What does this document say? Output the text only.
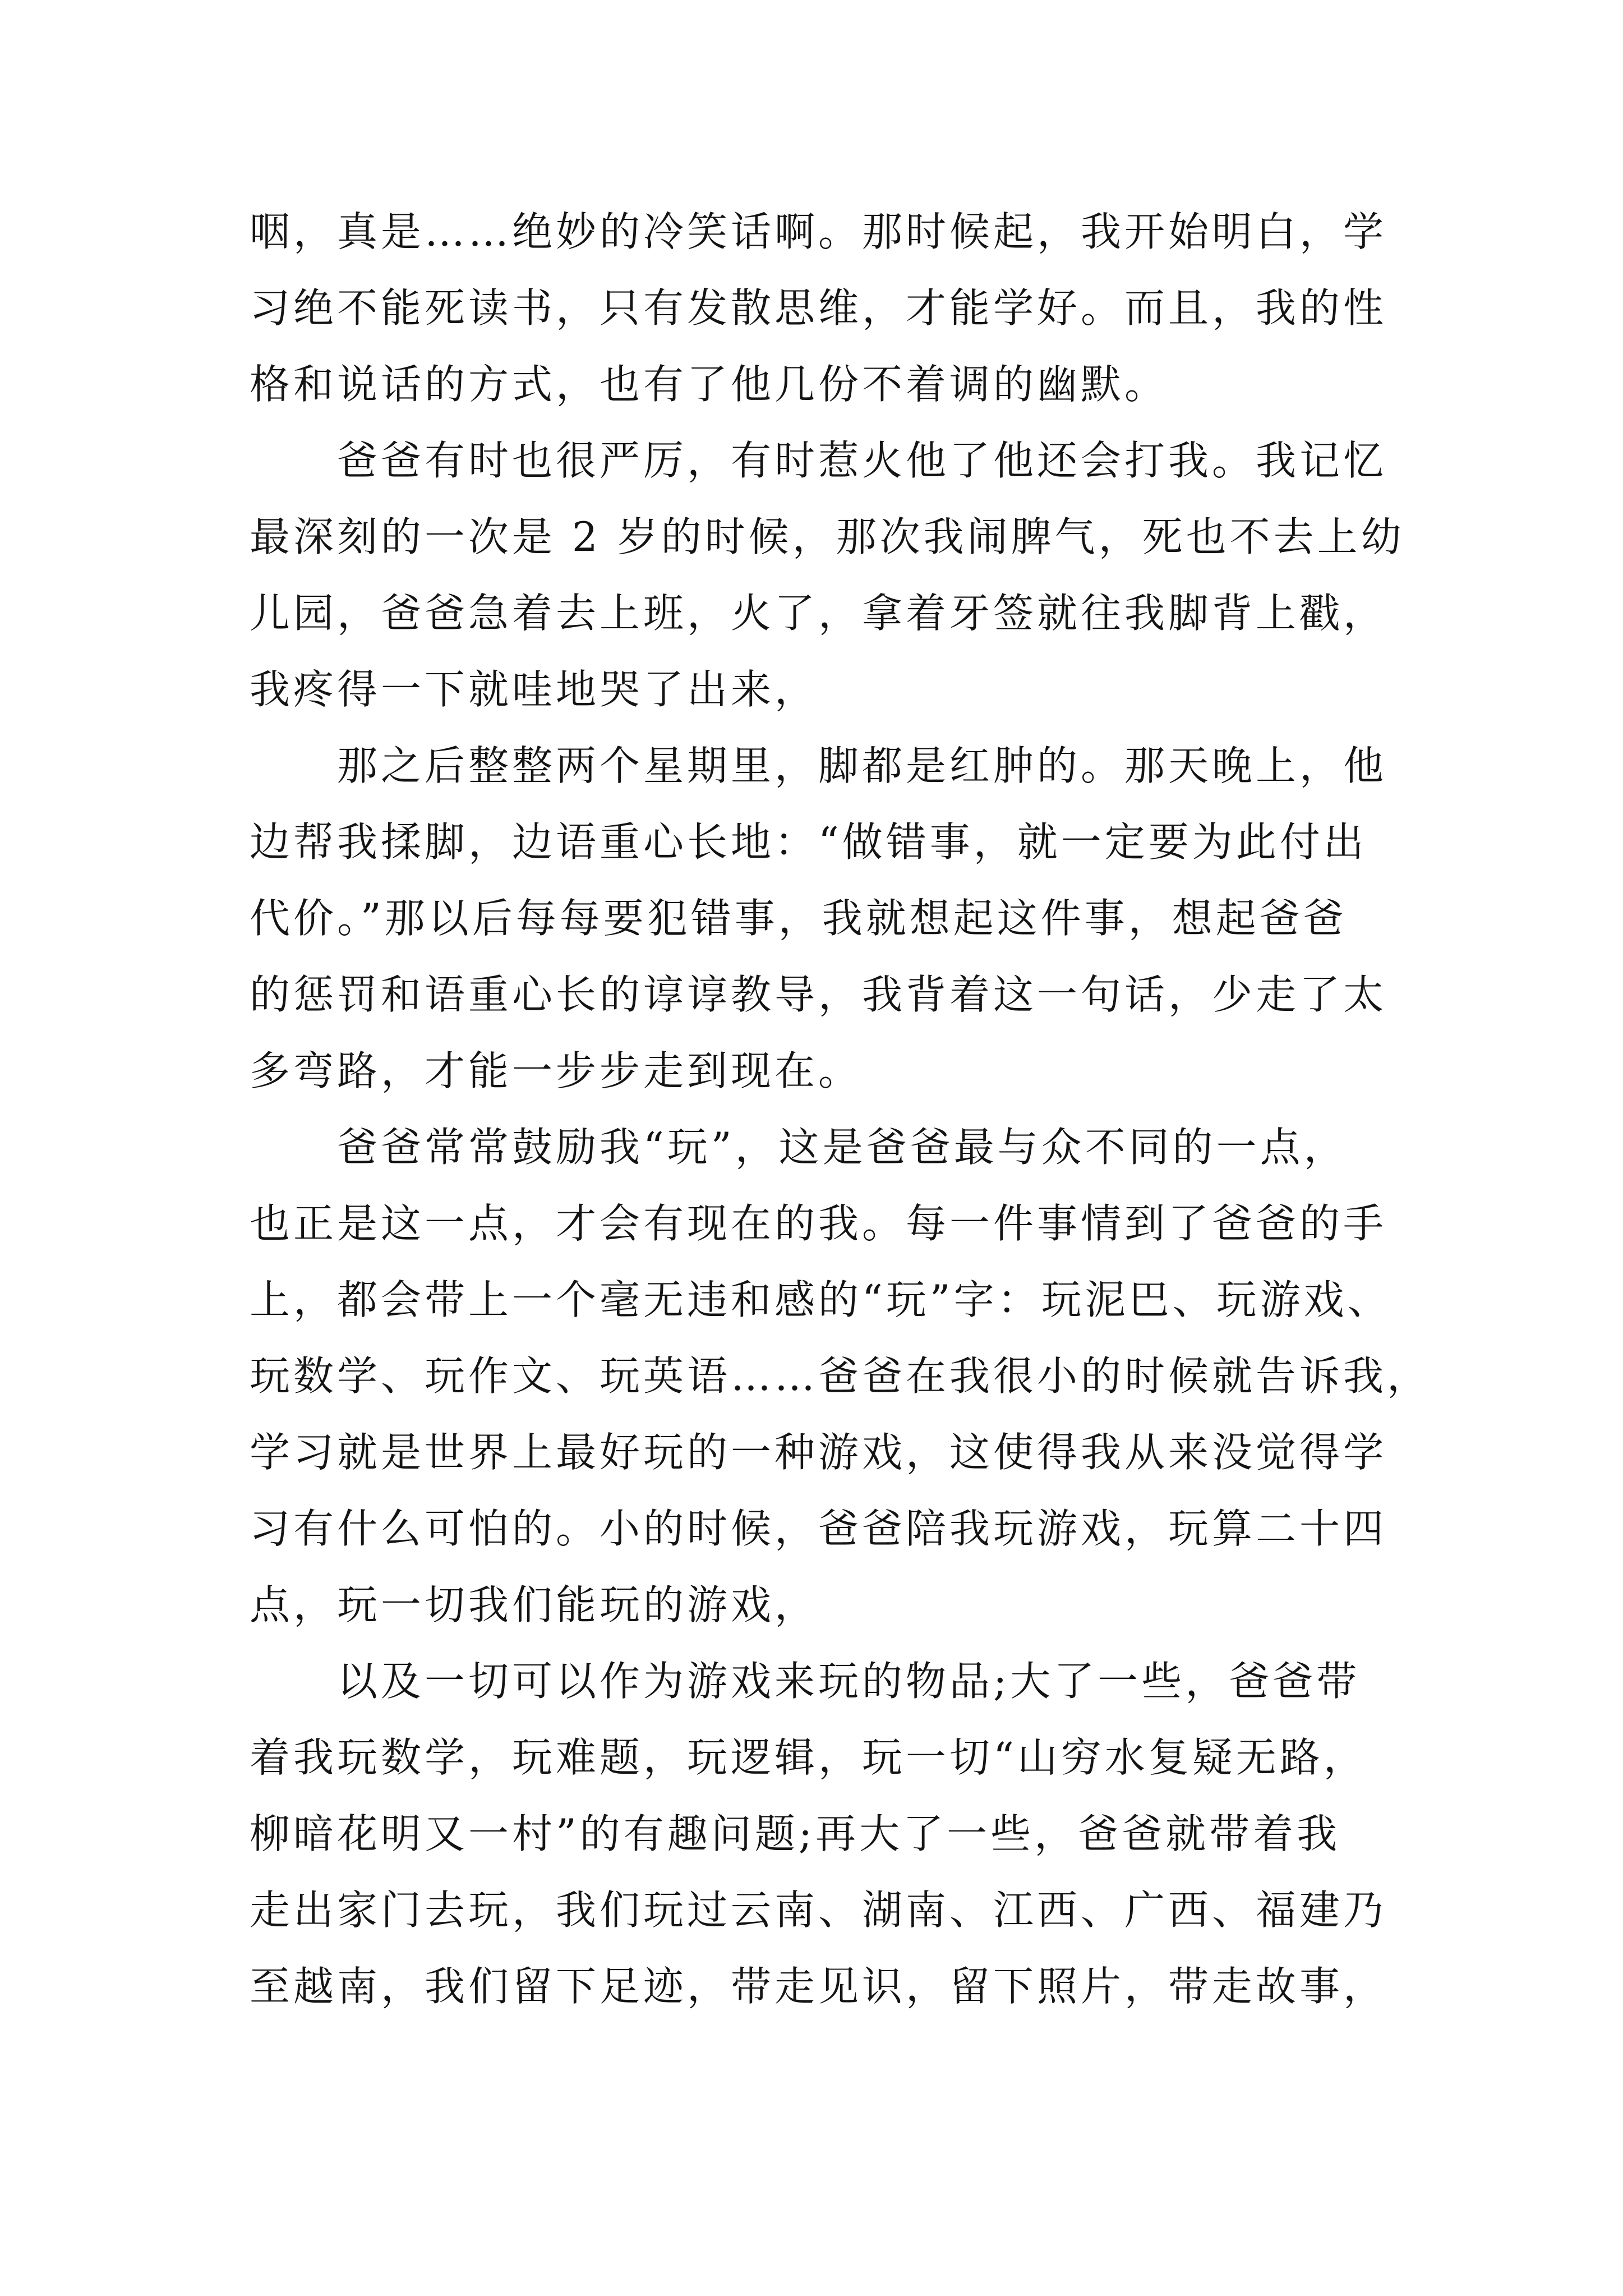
咽，真是……绝妙的冷笑话啊。那时候起，我开始明白，学
习绝不能死读书，只有发散思维，才能学好。而且，我的性
格和说话的方式，也有了他几份不着调的幽默。
爸爸有时也很严厉，有时惹火他了他还会打我。我记忆
最深刻的一次是 2 岁的时候，那次我闹脾气，死也不去上幼
儿园，爸爸急着去上班，火了，拿着牙签就往我脚背上戳，
我疼得一下就哇地哭了出来，
那之后整整两个星期里，脚都是红肿的。那天晚上，他
边帮我揉脚，边语重心长地：“做错事，就一定要为此付出
代价。”那以后每每要犯错事，我就想起这件事，想起爸爸
的惩罚和语重心长的谆谆教导，我背着这一句话，少走了太
多弯路，才能一步步走到现在。
爸爸常常鼓励我“玩”，这是爸爸最与众不同的一点，
也正是这一点，才会有现在的我。每一件事情到了爸爸的手
上，都会带上一个毫无违和感的“玩”字：玩泥巴、玩游戏、
玩数学、玩作文、玩英语……爸爸在我很小的时候就告诉我，
学习就是世界上最好玩的一种游戏，这使得我从来没觉得学
习有什么可怕的。小的时候，爸爸陪我玩游戏，玩算二十四
点，玩一切我们能玩的游戏，
以及一切可以作为游戏来玩的物品;大了一些，爸爸带
着我玩数学，玩难题，玩逻辑，玩一切“山穷水复疑无路，
柳暗花明又一村”的有趣问题;再大了一些，爸爸就带着我
走出家门去玩，我们玩过云南、湖南、江西、广西、福建乃
至越南，我们留下足迹，带走见识，留下照片，带走故事，
